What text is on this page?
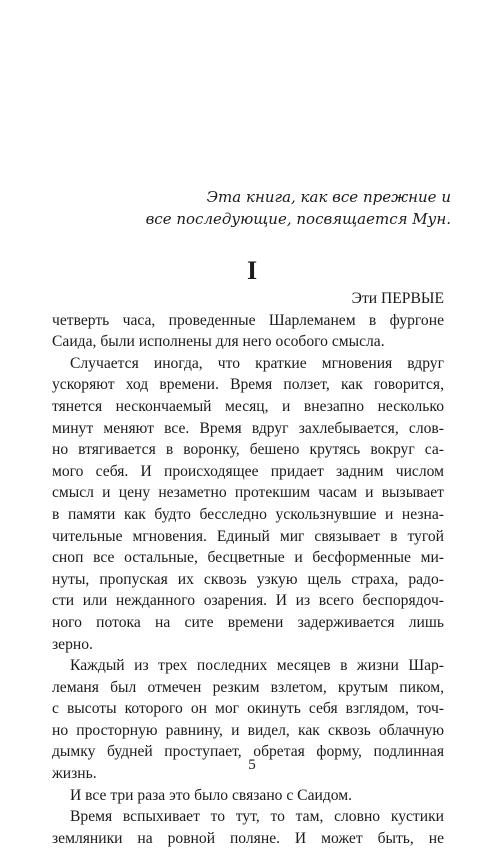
Эта книга, как все прежние и
все последующие, посвящается Мун.
I
Эти ПЕРВЫЕ
четверть часа, проведенные Шарлеманем в фургоне
Саида, были исполнены для него особого смысла.
Случается иногда, что краткие мгновения вдруг
ускоряют ход времени. Время ползет, как говорится,
тянется нескончаемый месяц, и внезапно несколько
минут меняют все. Время вдруг захлебывается, слов-
но втягивается в воронку, бешено крутясь вокруг са-
мого себя. И происходящее придает задним числом
смысл и цену незаметно протекшим часам и вызывает
в памяти как будто бесследно ускользнувшие и незна-
чительные мгновения. Единый миг связывает в тугой
сноп все остальные, бесцветные и бесформенные ми-
нуты, пропуская их сквозь узкую щель страха, радо-
сти или нежданного озарения. И из всего беспорядоч-
ного потока на сите времени задерживается лишь
зерно.
Каждый из трех последних месяцев в жизни Шар-
леманя был отмечен резким взлетом, крутым пиком,
с высоты которого он мог окинуть себя взглядом, точ-
но просторную равнину, и видел, как сквозь облачную
дымку будней проступает, обретая форму, подлинная
жизнь.
И все три раза это было связано с Саидом.
Время вспыхивает то тут, то там, словно кустики
земляники на ровной поляне. И может быть, не
5
